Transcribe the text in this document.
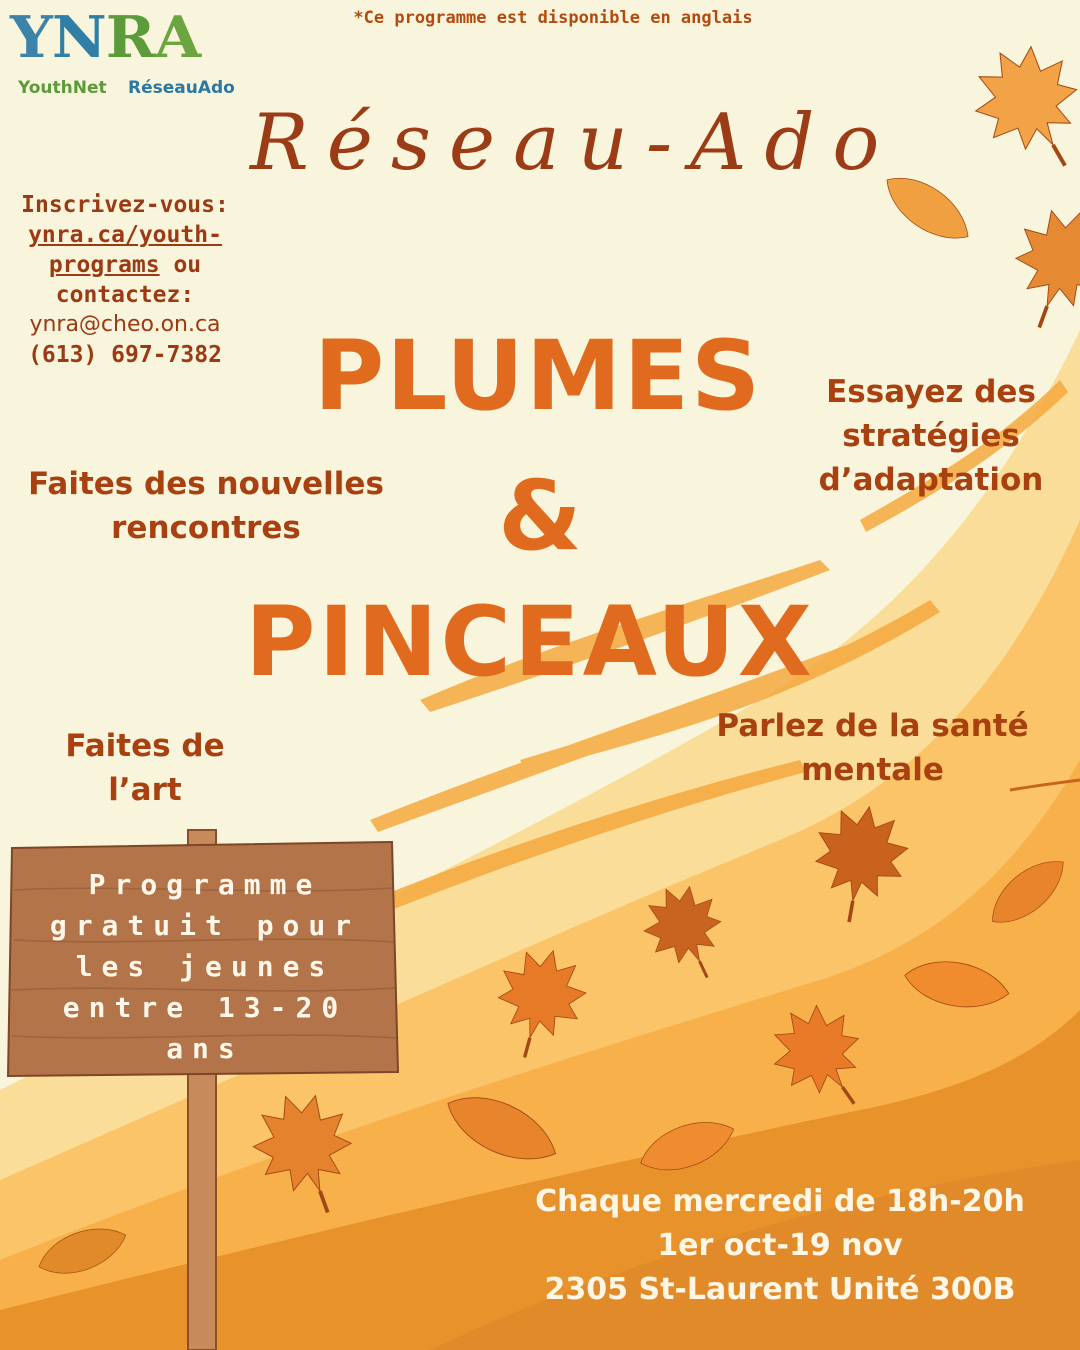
YNRA
YouthNet RéseauAdo
*Ce programme est disponible en anglais
Réseau-Ado
Inscrivez-vous:
ynra.ca/youth-
programs ou
contactez:
ynra@cheo.on.ca
(613) 697-7382 PLUMES
&
PINCEAUX
Faites des nouvelles
rencontres
Essayez des
stratégies
d’adaptation
Faites de
l’art
Parlez de la santé
mentale
Programme
gratuit pour
les jeunes
entre 13-20
ans
Chaque mercredi de 18h-20h
1er oct-19 nov
2305 St-Laurent Unité 300B
